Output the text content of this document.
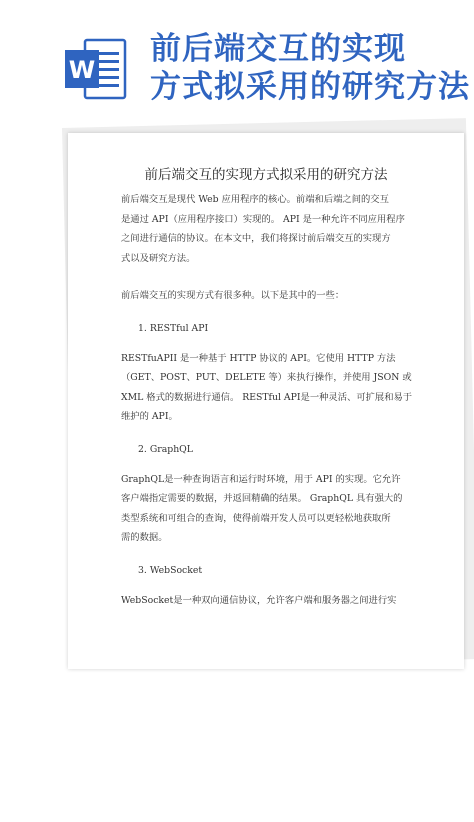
W
前后端交互的实现
方式拟采用的研究方法
前后端交互的实现方式拟采用的研究方法

前后端交互是现代 Web 应用程序的核心。前端和后端之间的交互

是通过 API（应用程序接口）实现的。 API 是一种允许不同应用程序

之间进行通信的协议。在本文中，我们将探讨前后端交互的实现方

式以及研究方法。

前后端交互的实现方式有很多种。以下是其中的一些：

1. RESTful API

RESTfuAPII 是一种基于 HTTP 协议的 API。它使用 HTTP 方法

（GET、POST、PUT、DELETE 等）来执行操作，并使用 JSON 或

XML 格式的数据进行通信。 RESTful API是一种灵活、可扩展和易于

维护的 API。

2. GraphQL

GraphQL是一种查询语言和运行时环境，用于 API 的实现。它允许

客户端指定需要的数据，并返回精确的结果。 GraphQL 具有强大的

类型系统和可组合的查询，使得前端开发人员可以更轻松地获取所

需的数据。

3. WebSocket

WebSocket是一种双向通信协议，允许客户端和服务器之间进行实
